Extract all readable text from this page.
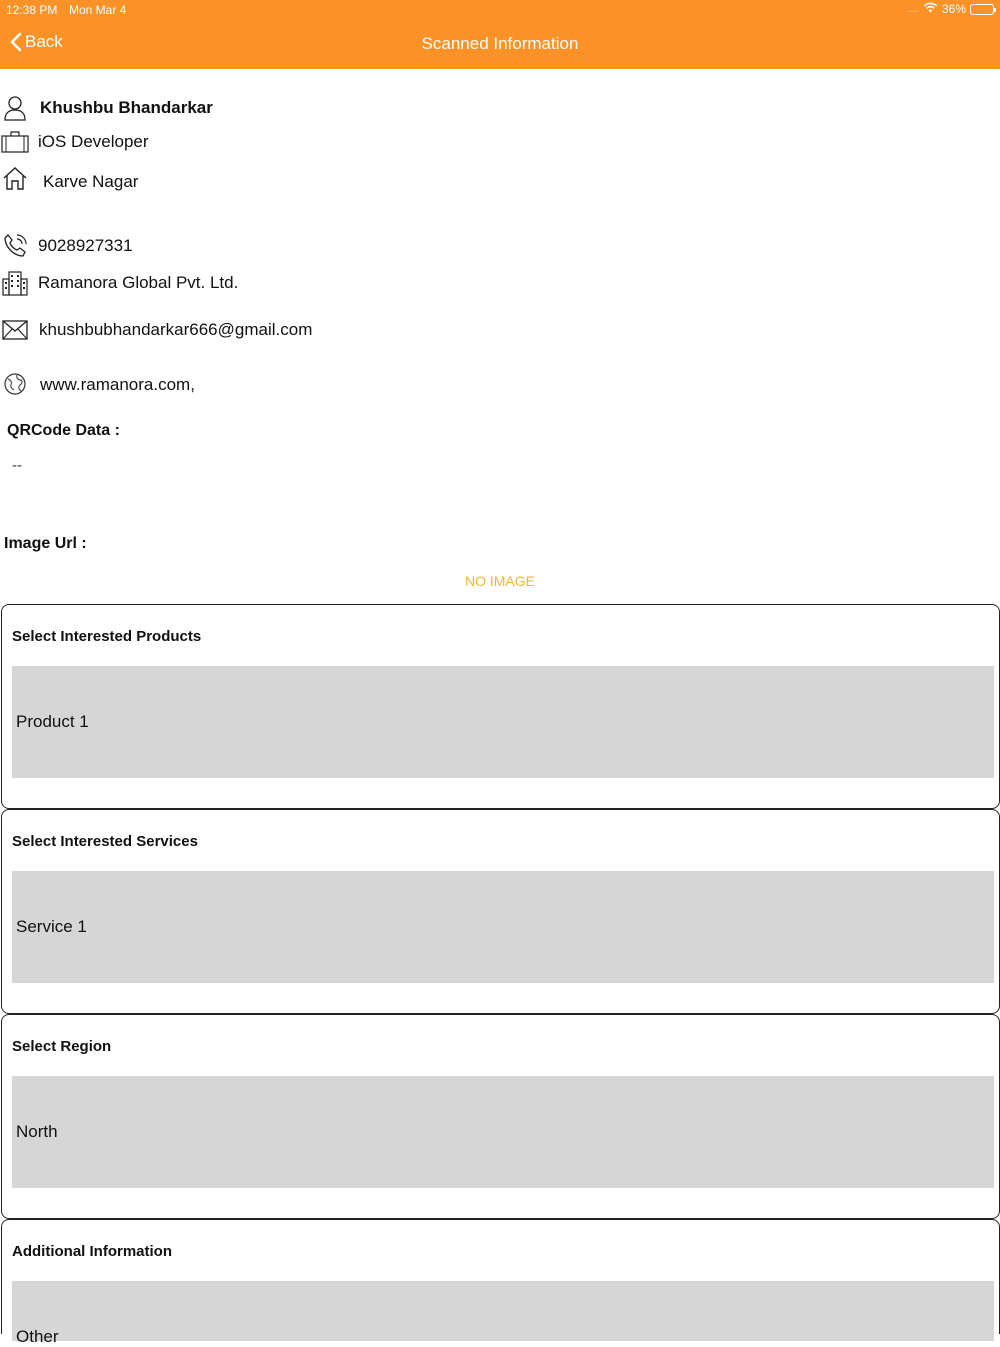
12:38 PM Mon Mar 4	.... 36%
Back	Scanned Information
Khushbu Bhandarkar
iOS Developer
Karve Nagar
9028927331
Ramanora Global Pvt. Ltd.
khushbubhandarkar666@gmail.com
www.ramanora.com,
QRCode Data :
--
Image Url :
NO IMAGE
Select Interested Products
Product 1
Select Interested Services
Service 1
Select Region
North
Additional Information
Other
